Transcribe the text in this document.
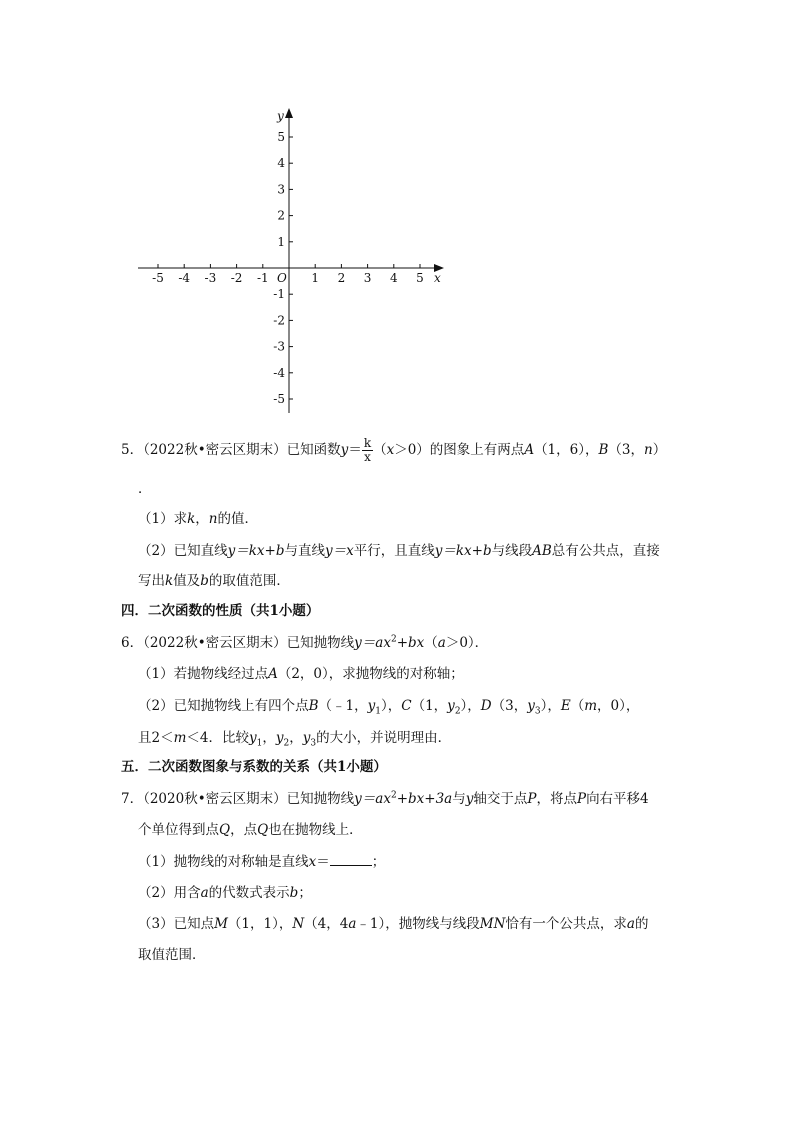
-5 -4 -3 -2 -1	1 2 3 4 5
5
4
3
2
1
-1
-2
-3
-4
-5
x
y
O
5．（2022秋•密云区期末）已知函数$y= \frac{k}{x} (x>0)$的图象上有两点A（1，6），B（3，n）
．
（1）求k，n的值．
（2）已知直线y＝kx+b与直线y＝x平行，且直线y＝kx+b与线段AB总有公共点，直接
写出k值及b的取值范围．
四．二次函数的性质（共1小题）
6．（2022秋•密云区期末）已知抛物线$y=ax^2+bx(a>0)$．
（1）若抛物线经过点A（2，0），求抛物线的对称轴；
（2）已知抛物线上有四个点B（﹣1，$y_1$），C（1，$y_2$），D（3，$y_3$），E（m，0），
且2＜m＜4．比较$y_1$，$y_2$，$y_3$的大小，并说明理由．
五．二次函数图象与系数的关系（共1小题）
7．（2020秋•密云区期末）已知抛物线$y=ax^2+bx+3a$与y轴交于点P，将点P向右平移4
个单位得到点Q，点Q也在抛物线上．
（1）抛物线的对称轴是直线x＝	；
（2）用含a的代数式表示b；
（3）已知点M（1，1），N（4，4a﹣1），抛物线与线段MN恰有一个公共点，求a的
取值范围．
